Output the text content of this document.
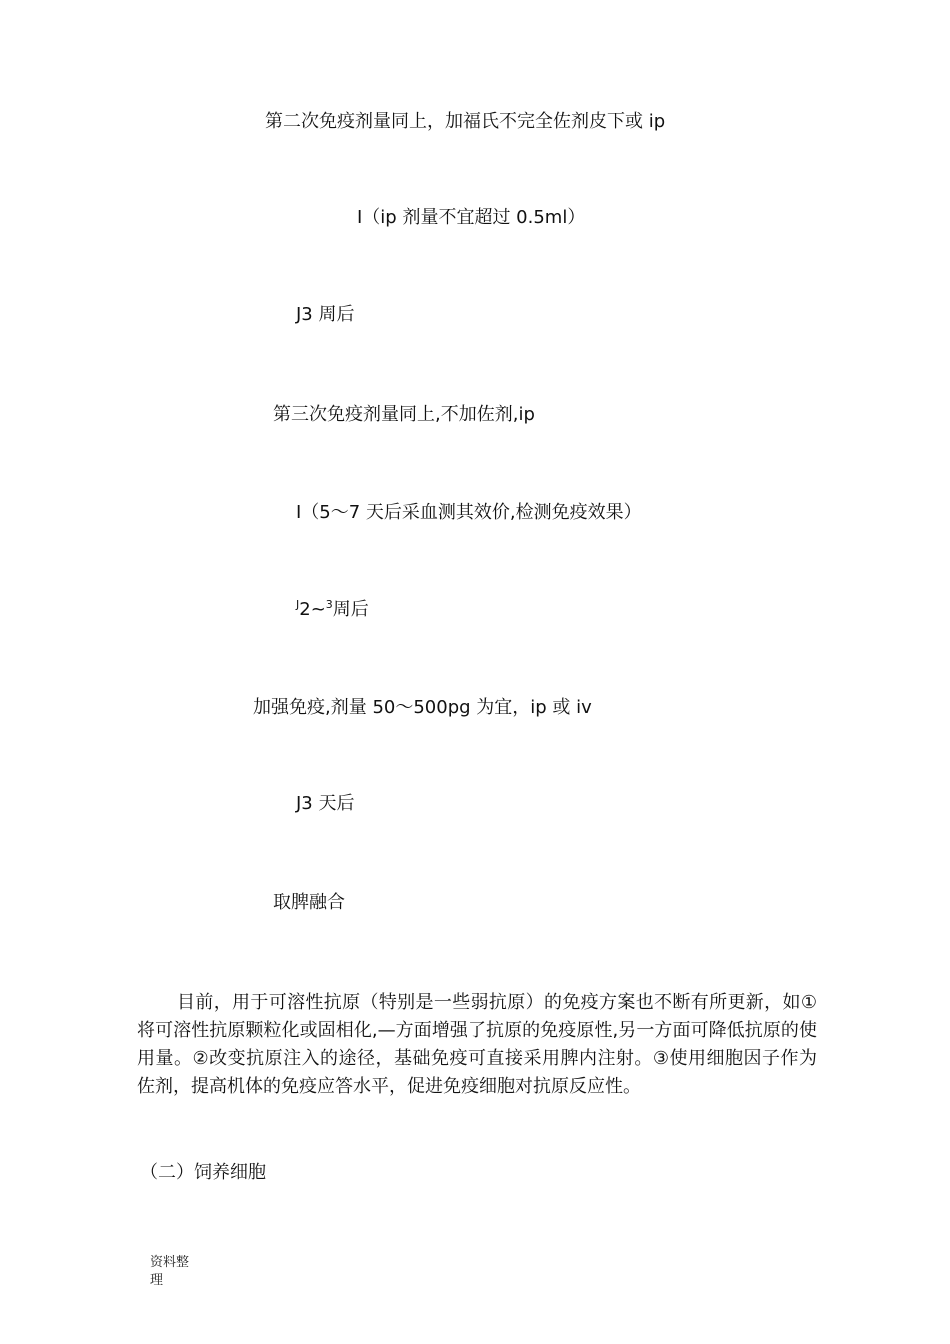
第二次免疫剂量同上，加福氏不完全佐剂皮下或 ip
I（ip 剂量不宜超过 0.5ml）
J3 周后
第三次免疫剂量同上,不加佐剂,ip
I（5〜7 天后采血测其效价,检测免疫效果）
$^J$2~$^3$周后
加强免疫,剂量 50〜500pg 为宜，ip 或 iv
J3 天后
取脾融合
目前，用于可溶性抗原（特别是一些弱抗原）的免疫方案也不断有所更新，如①将可溶性抗原颗粒化或固相化,—方面增强了抗原的免疫原性,另一方面可降低抗原的使用量。②改变抗原注入的途径，基础免疫可直接采用脾内注射。③使用细胞因子作为佐剂，提高机体的免疫应答水平，促进免疫细胞对抗原反应性。
（二）饲养细胞
资料整理
